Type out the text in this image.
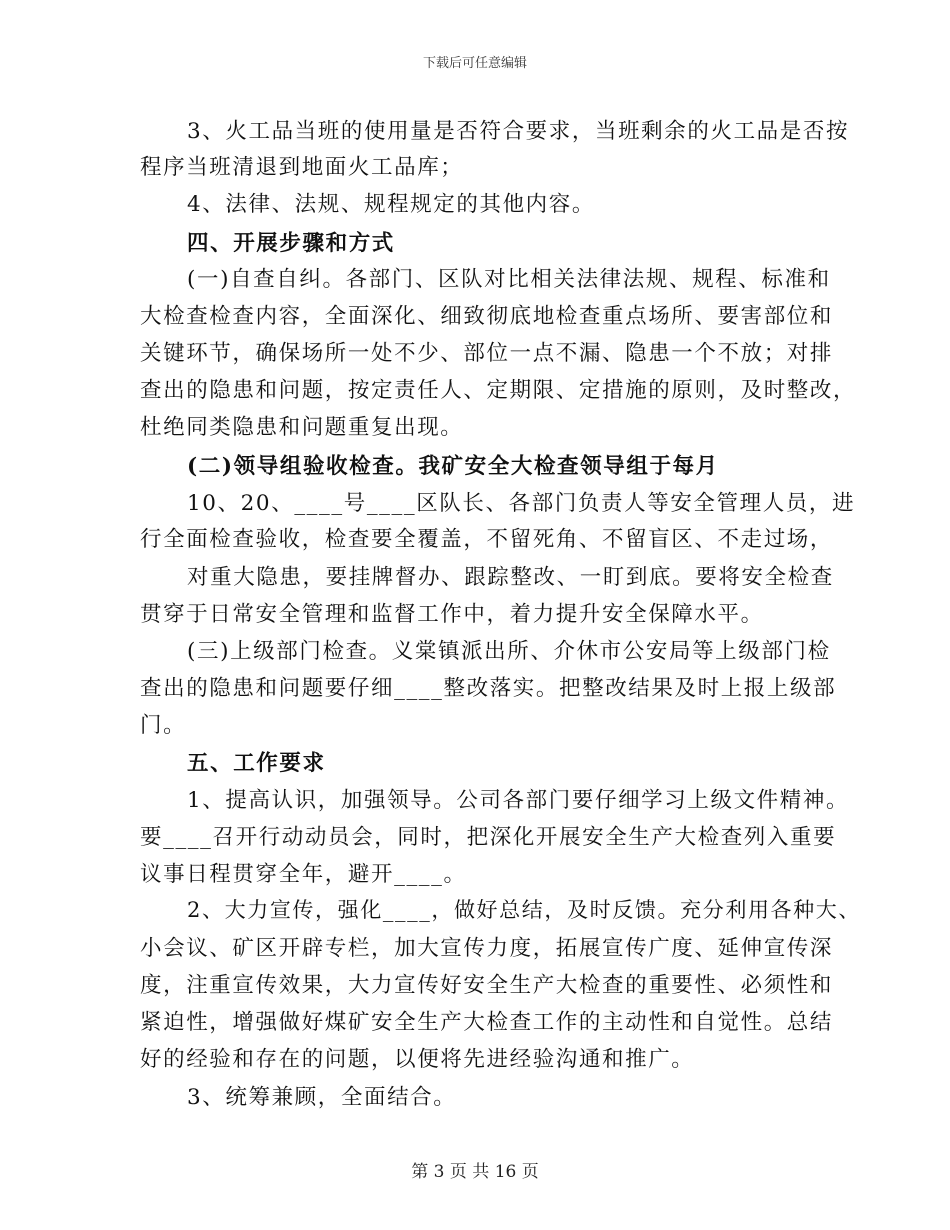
下载后可任意编辑
3、火工品当班的使用量是否符合要求，当班剩余的火工品是否按
程序当班清退到地面火工品库；
4、法律、法规、规程规定的其他内容。
四、开展步骤和方式
(一)自查自纠。各部门、区队对比相关法律法规、规程、标准和
大检查检查内容，全面深化、细致彻底地检查重点场所、要害部位和
关键环节，确保场所一处不少、部位一点不漏、隐患一个不放；对排
查出的隐患和问题，按定责任人、定期限、定措施的原则，及时整改，
杜绝同类隐患和问题重复出现。
(二)领导组验收检查。我矿安全大检查领导组于每月
10、20、____号____区队长、各部门负责人等安全管理人员，进
行全面检查验收，检查要全覆盖，不留死角、不留盲区、不走过场，
对重大隐患，要挂牌督办、跟踪整改、一盯到底。要将安全检查
贯穿于日常安全管理和监督工作中，着力提升安全保障水平。
(三)上级部门检查。义棠镇派出所、介休市公安局等上级部门检
查出的隐患和问题要仔细____整改落实。把整改结果及时上报上级部
门。
五、工作要求
1、提高认识，加强领导。公司各部门要仔细学习上级文件精神。
要____召开行动动员会，同时，把深化开展安全生产大检查列入重要
议事日程贯穿全年，避开____。
2、大力宣传，强化____，做好总结，及时反馈。充分利用各种大、
小会议、矿区开辟专栏，加大宣传力度，拓展宣传广度、延伸宣传深
度，注重宣传效果，大力宣传好安全生产大检查的重要性、必须性和
紧迫性，增强做好煤矿安全生产大检查工作的主动性和自觉性。总结
好的经验和存在的问题，以便将先进经验沟通和推广。
3、统筹兼顾，全面结合。
第 3 页 共 16 页
